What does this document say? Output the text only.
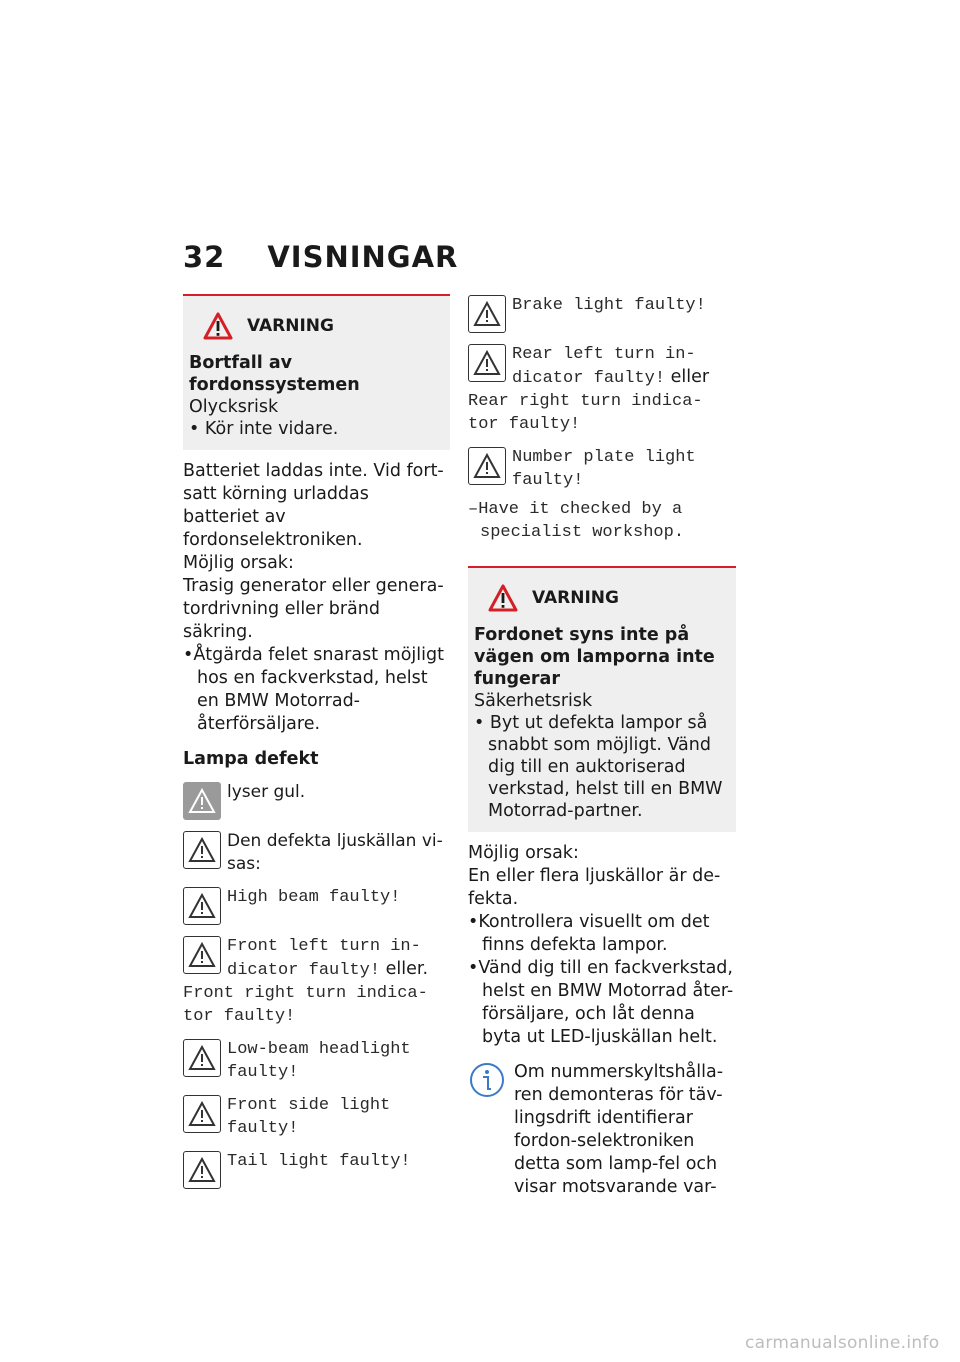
32 VISNINGAR
VARNING
Bortfall av fordonssystemen
Olycksrisk
• Kör inte vidare.
Batteriet laddas inte. Vid fort-satt körning urladdas batteriet av fordonselektroniken.
Möjlig orsak:
Trasig generator eller genera-tordrivning eller bränd säkring.
•Åtgärda felet snarast möjligt hos en fackverkstad, helst en BMW Motorrad-återförsäljare.
Lampa defekt
lyser gul.
Den defekta ljuskällan vi-sas:
High beam faulty!
Front left turn in-
dicator faulty! eller.
Front right turn indica-
tor faulty!
Low-beam headlight
faulty!
Front side light
faulty!
Tail light faulty!
Brake light faulty!
Rear left turn in-
dicator faulty! eller
Rear right turn indica-
tor faulty!
Number plate light
faulty!
–Have it checked by a
specialist workshop.
VARNING
Fordonet syns inte på vägen om lamporna inte fungerar
Säkerhetsrisk
• Byt ut defekta lampor så snabbt som möjligt. Vänd dig till en auktoriserad verkstad, helst till en BMW Motorrad-partner.
Möjlig orsak:
En eller flera ljuskällor är de-fekta.
•Kontrollera visuellt om det finns defekta lampor.
•Vänd dig till en fackverkstad, helst en BMW Motorrad åter-försäljare, och låt denna byta ut LED-ljuskällan helt.
Om nummerskyltshålla-ren demonteras för täv-lingsdrift identifierar fordon-selektroniken detta som lamp-fel och visar motsvarande var-
carmanualsonline.info
